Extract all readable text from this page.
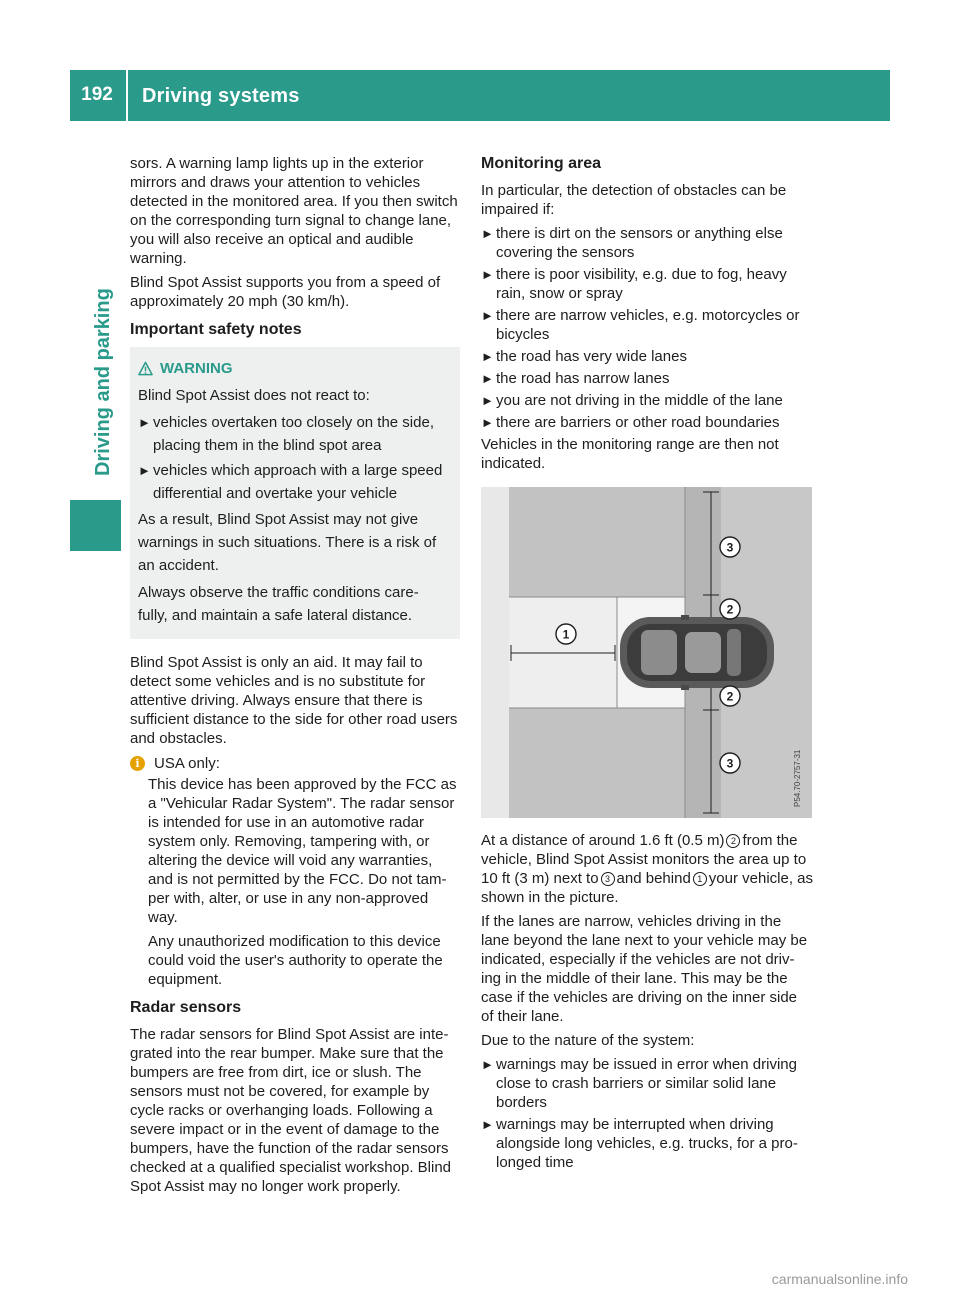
192	Driving systems
Driving and parking

sors. A warning lamp lights up in the exterior mirrors and draws your attention to vehicles detected in the monitored area. If you then switch on the corresponding turn signal to change lane, you will also receive an optical and audible warning.

Blind Spot Assist supports you from a speed of approximately 20 mph (30 km/h).

Important safety notes
WARNING

Blind Spot Assist does not react to:

► vehicles overtaken too closely on the side, placing them in the blind spot area
► vehicles which approach with a large speed differential and overtake your vehicle

As a result, Blind Spot Assist may not give warnings in such situations. There is a risk of an accident.

Always observe the traffic conditions care- fully, and maintain a safe lateral distance.

Blind Spot Assist is only an aid. It may fail to detect some vehicles and is no substitute for attentive driving. Always ensure that there is sufficient distance to the side for other road users and obstacles.

i USA only:

This device has been approved by the FCC as a "Vehicular Radar System". The radar sensor is intended for use in an automotive radar system only. Removing, tampering with, or altering the device will void any warranties, and is not permitted by the FCC. Do not tam- per with, alter, or use in any non-approved way.

Any unauthorized modification to this device could void the user's authority to operate the equipment.

Radar sensors

The radar sensors for Blind Spot Assist are inte- grated into the rear bumper. Make sure that the bumpers are free from dirt, ice or slush. The sensors must not be covered, for example by cycle racks or overhanging loads. Following a severe impact or in the event of damage to the bumpers, have the function of the radar sensors checked at a qualified specialist workshop. Blind Spot Assist may no longer work properly.

Monitoring area

In particular, the detection of obstacles can be impaired if:

► there is dirt on the sensors or anything else covering the sensors
► there is poor visibility, e.g. due to fog, heavy rain, snow or spray
► there are narrow vehicles, e.g. motorcycles or bicycles
► the road has very wide lanes
► the road has narrow lanes
► you are not driving in the middle of the lane
► there are barriers or other road boundaries

Vehicles in the monitoring range are then not indicated.

3
2
1
2
3	P54.70-2757-31

At a distance of around 1.6 ft (0.5 m) 2 from the vehicle, Blind Spot Assist monitors the area up to 10 ft (3 m) next to 3 and behind 1 your vehicle, as shown in the picture.

If the lanes are narrow, vehicles driving in the lane beyond the lane next to your vehicle may be indicated, especially if the vehicles are not driv- ing in the middle of their lane. This may be the case if the vehicles are driving on the inner side of their lane.

Due to the nature of the system:

► warnings may be issued in error when driving close to crash barriers or similar solid lane borders
► warnings may be interrupted when driving alongside long vehicles, e.g. trucks, for a pro- longed time
carmanualsonline.info
